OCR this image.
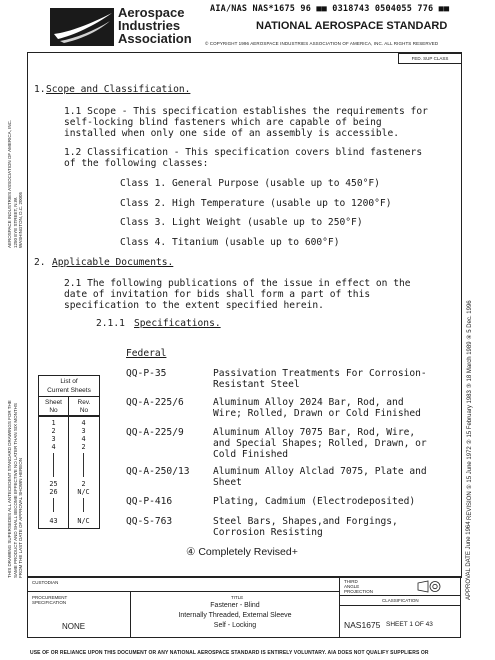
Aerospace
Industries
Association
AIA/NAS NAS*1675 96 ■■ 0318743 0504055 776 ■■
NATIONAL AEROSPACE STANDARD
© COPYRIGHT 1996 AEROSPACE INDUSTRIES ASSOCIATION OF AMERICA, INC. ALL RIGHTS RESERVED
FED. SUP CLASS
1. Scope and Classification.
1.1 Scope - This specification establishes the requirements for
self-locking blind fasteners which are capable of being
installed when only one side of an assembly is accessible.
1.2 Classification - This specification covers blind fasteners
of the following classes:
Class 1. General Purpose (usable up to 450°F)
Class 2. High Temperature (usable up to 1200°F)
Class 3. Light Weight (usable up to 250°F)
Class 4. Titanium (usable up to 600°F)
2. Applicable Documents.
2.1 The following publications of the issue in effect on the
date of invitation for bids shall form a part of this
specification to the extent specified herein.
2.1.1 Specifications.
Federal
QQ-P-35	Passivation Treatments For Corrosion-
Resistant Steel
QQ-A-225/6	Aluminum Alloy 2024 Bar, Rod, and
Wire; Rolled, Drawn or Cold Finished
QQ-A-225/9	Aluminum Alloy 7075 Bar, Rod, Wire,
and Special Shapes; Rolled, Drawn, or
Cold Finished
QQ-A-250/13 Aluminum Alloy Alclad 7075, Plate and
Sheet
QQ-P-416	Plating, Cadmium (Electrodeposited)
QQ-S-763	Steel Bars, Shapes,and Forgings,
Corrosion Resisting
List of
Current Sheets
Sheet
No
Rev.
No
1	4
2	3
3	4
4	2
25	2
26	N/C
43	N/C
④ Completely Revised+
CUSTODIAN	THIRD
ANGLE
PROJECTION
PROCUREMENT
SPECIFICATION
NONE
TITLE
Fastener - Blind
Internally Threaded, External Sleeve
Self - Locking
CLASSIFICATION
NAS1675 SHEET 1 OF 43
AEROSPACE INDUSTRIES ASSOCIATION OF AMERICA, INC.
1250 EYE STREET, N.W.
WASHINGTON, D.C. 20005
THIS DRAWING SUPERSEDES ALL ANTECEDENT STANDARD DRAWINGS FOR THE
SAME PRODUCT AND SHALL BECOME EFFECTIVE NO LATER THAN SIX MONTHS
FROM THE LAST DATE OF APPROVAL SHOWN HEREON	REVISION ① 15 June 1972 ② 15 February 1983 ③ 18 March 1989 ④ 5 Dec. 1996
APPROVAL DATE June 1964
USE OF OR RELIANCE UPON THIS DOCUMENT OR ANY NATIONAL AEROSPACE STANDARD IS ENTIRELY VOLUNTARY. AIA DOES NOT QUALIFY SUPPLIERS OR
